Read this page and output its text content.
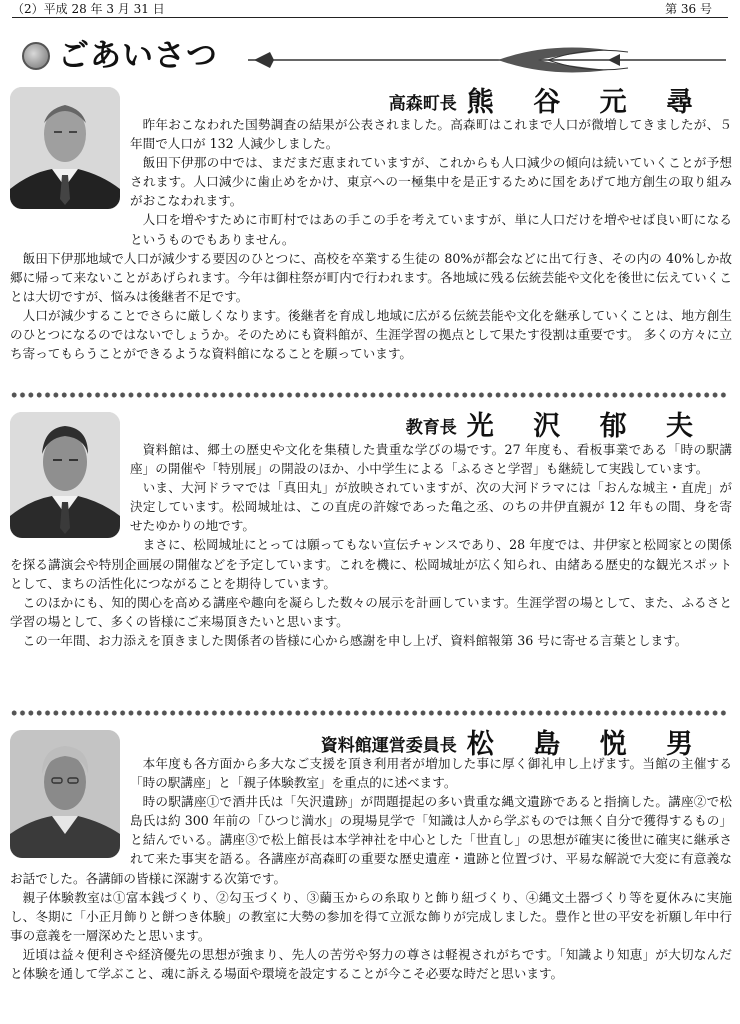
（2）平成 28 年 3 月 31 日	第 36 号
ごあいさつ
高森町長 熊 谷 元 尋

昨年おこなわれた国勢調査の結果が公表されました。高森町はこれまで人口が微増してきましたが、５年間で人口が 132 人減少しました。

飯田下伊那の中では、まだまだ恵まれていますが、これからも人口減少の傾向は続いていくことが予想されます。人口減少に歯止めをかけ、東京への一極集中を是正するために国をあげて地方創生の取り組みがおこなわれます。

人口を増やすために市町村ではあの手この手を考えていますが、単に人口だけを増やせば良い町になるというものでもありません。

飯田下伊那地域で人口が減少する要因のひとつに、高校を卒業する生徒の 80%が都会などに出て行き、その内の 40%しか故郷に帰って来ないことがあげられます。今年は御柱祭が町内で行われます。各地域に残る伝統芸能や文化を後世に伝えていくことは大切ですが、悩みは後継者不足です。

人口が減少することでさらに厳しくなります。後継者を育成し地域に広がる伝統芸能や文化を継承していくことは、地方創生のひとつになるのではないでしょうか。そのためにも資料館が、生涯学習の拠点として果たす役割は重要です。 多くの方々に立ち寄ってもらうことができるような資料館になることを願っています。

教育長 光 沢 郁 夫

資料館は、郷土の歴史や文化を集積した貴重な学びの場です。27 年度も、看板事業である「時の駅講座」の開催や「特別展」の開設のほか、小中学生による「ふるさと学習」も継続して実践しています。

いま、大河ドラマでは「真田丸」が放映されていますが、次の大河ドラマには「おんな城主・直虎」が決定しています。松岡城址は、この直虎の許嫁であった亀之丞、のちの井伊直親が 12 年もの間、身を寄せたゆかりの地です。

まさに、松岡城址にとっては願ってもない宣伝チャンスであり、28 年度では、井伊家と松岡家との関係を探る講演会や特別企画展の開催などを予定しています。これを機に、松岡城址が広く知られ、由緒ある歴史的な観光スポットとして、まちの活性化につながることを期待しています。

このほかにも、知的関心を高める講座や趣向を凝らした数々の展示を計画しています。生涯学習の場として、また、ふるさと学習の場として、多くの皆様にご来場頂きたいと思います。

この一年間、お力添えを頂きました関係者の皆様に心から感謝を申し上げ、資料館報第 36 号に寄せる言葉とします。

資料館運営委員長 松 島 悦 男

本年度も各方面から多大なご支援を頂き利用者が増加した事に厚く御礼申し上げます。当館の主催する「時の駅講座」と「親子体験教室」を重点的に述べます。

時の駅講座①で酒井氏は「矢沢遺跡」が問題提起の多い貴重な縄文遺跡であると指摘した。講座②で松島氏は約 300 年前の「ひつじ満水」の現場見学で「知識は人から学ぶものでは無く自分で獲得するもの」と結んでいる。講座③で松上館長は本学神社を中心とした「世直し」の思想が確実に後世に確実に継承されて来た事実を語る。各講座が高森町の重要な歴史遺産・遺跡と位置づけ、平易な解説で大変に有意義なお話でした。各講師の皆様に深謝する次第です。

親子体験教室は①富本銭づくり、②勾玉づくり、③繭玉からの糸取りと飾り紐づくり、④縄文土器づくり等を夏休みに実施し、冬期に「小正月飾りと餅つき体験」の教室に大勢の参加を得て立派な飾りが完成しました。豊作と世の平安を祈願し年中行事の意義を一層深めたと思います。

近頃は益々便利さや経済優先の思想が強まり、先人の苦労や努力の尊さは軽視されがちです。「知識より知恵」が大切なんだと体験を通して学ぶこと、魂に訴える場面や環境を設定することが今こそ必要な時だと思います。
